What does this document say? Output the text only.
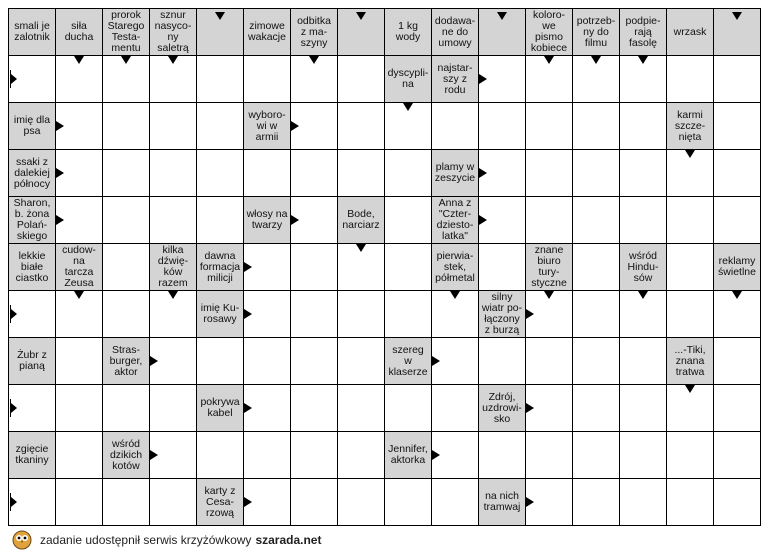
smali je
zalotnik
siła
ducha
prorok
Starego
Testa-
mentu
sznur
nasyco-
ny
saletrą
zimowe
wakacje
odbitka
z ma-
szyny
1 kg
wody
dodawa-
ne do
umowy
koloro-
we
pismo
kobiece
potrzeb-
ny do
filmu
podpie-
rają
fasolę
wrzask
dyscypli-
na
najstar-
szy z
rodu
imię dla
psa
wyboro-
wi w
armii
karmi
szcze-
nięta
ssaki z
dalekiej
północy
plamy w
zeszycie
Sharon,
b. żona
Polań-
skiego
włosy na
twarzy
Bode,
narciarz
Anna z
"Czter-
dziesto-
latka"
lekkie
białe
ciastko
cudow-
na
tarcza
Zeusa
kilka
dźwię-
ków
razem
dawna
formacja
milicji
pierwia-
stek,
półmetal
znane
biuro
tury-
styczne
wśród
Hindu-
sów
reklamy
świetlne
imię Ku-
rosawy
silny
wiatr po-
łączony
z burzą
Żubr z
pianą
Stras-
burger,
aktor
szereg
w
klaserze
...-Tiki,
znana
tratwa
pokrywa
kabel
Zdrój,
uzdrowi-
sko
zgięcie
tkaniny
wśród
dzikich
kotów
Jennifer,
aktorka
karty z
Cesa-
rzową
na nich
tramwaj
zadanie udostępnił serwis krzyżówkowy szarada.net
